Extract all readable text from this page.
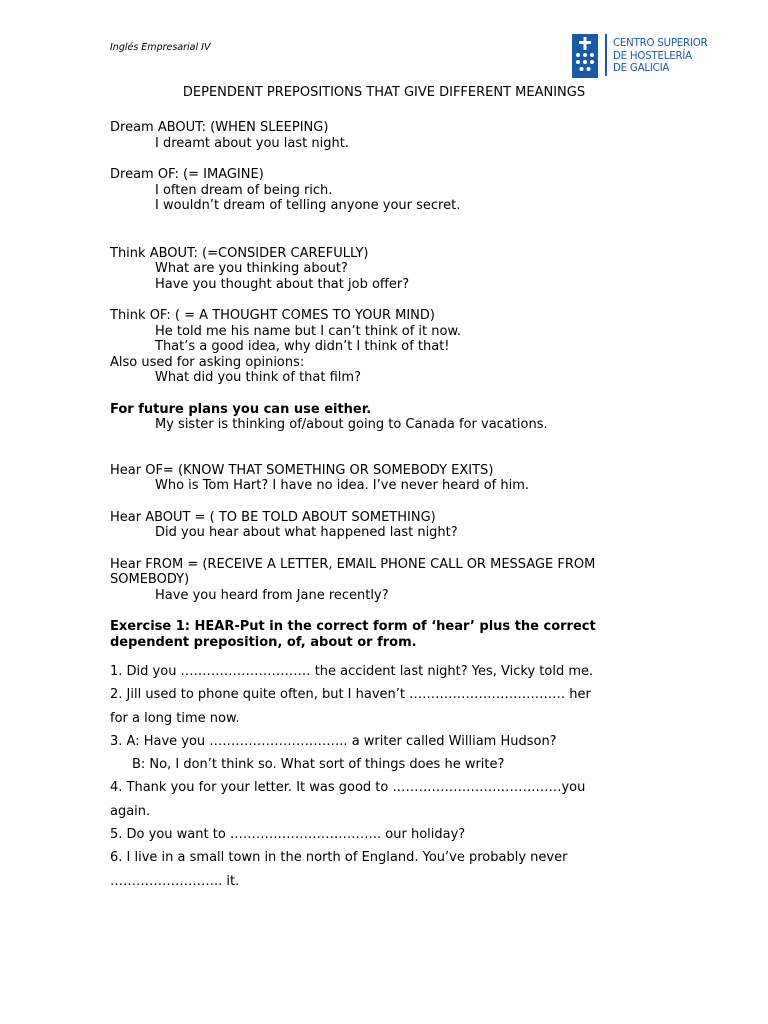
Inglés Empresarial IV	CENTRO SUPERIOR
DE HOSTELERÍA
DE GALICIA
DEPENDENT PREPOSITIONS THAT GIVE DIFFERENT MEANINGS
Dream ABOUT: (WHEN SLEEPING)
I dreamt about you last night.
Dream OF: (= IMAGINE)
I often dream of being rich.
I wouldn’t dream of telling anyone your secret.
Think ABOUT: (=CONSIDER CAREFULLY)
What are you thinking about?
Have you thought about that job offer?
Think OF: ( = A THOUGHT COMES TO YOUR MIND)
He told me his name but I can’t think of it now.
That’s a good idea, why didn’t I think of that!
Also used for asking opinions:
What did you think of that film?
For future plans you can use either.
My sister is thinking of/about going to Canada for vacations.
Hear OF= (KNOW THAT SOMETHING OR SOMEBODY EXITS)
Who is Tom Hart? I have no idea. I’ve never heard of him.
Hear ABOUT = ( TO BE TOLD ABOUT SOMETHING)
Did you hear about what happened last night?
Hear FROM = (RECEIVE A LETTER, EMAIL PHONE CALL OR MESSAGE FROM SOMEBODY)
Have you heard from Jane recently?
Exercise 1: HEAR-Put in the correct form of ‘hear’ plus the correct dependent preposition, of, about or from.
1. Did you ………………………… the accident last night? Yes, Vicky told me.
2. Jill used to phone quite often, but I haven’t ……………………………… her
for a long time now.
3. A: Have you ………………………….. a writer called William Hudson?
B: No, I don’t think so. What sort of things does he write?
4. Thank you for your letter. It was good to …………………………………you
again.
5. Do you want to …………………………….. our holiday?
6. I live in a small town in the north of England. You’ve probably never
…………………….. it.
